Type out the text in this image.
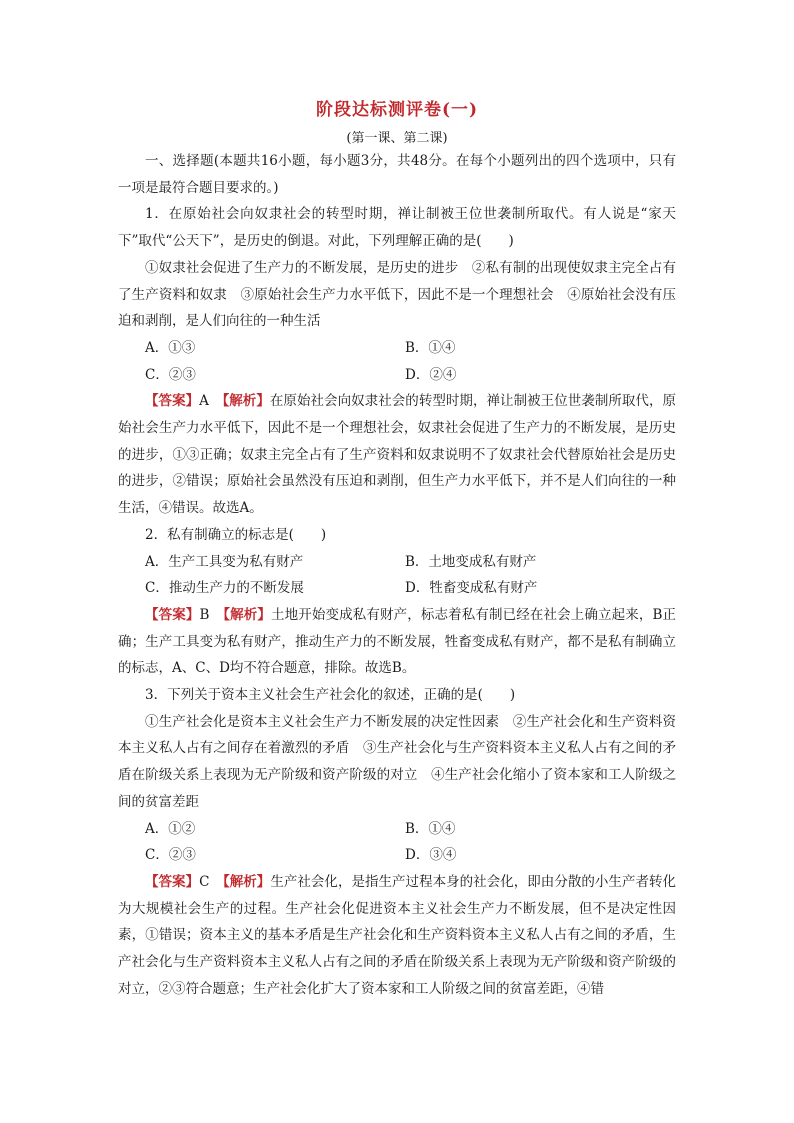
阶段达标测评卷(一)
(第一课、第二课)

一、选择题(本题共16小题，每小题3分，共48分。在每个小题列出的四个选项中，只有一项是最符合题目要求的。)

1．在原始社会向奴隶社会的转型时期，禅让制被王位世袭制所取代。有人说是“家天下”取代“公天下”，是历史的倒退。对此，下列理解正确的是(　　)

①奴隶社会促进了生产力的不断发展，是历史的进步　②私有制的出现使奴隶主完全占有了生产资料和奴隶　③原始社会生产力水平低下，因此不是一个理想社会　④原始社会没有压迫和剥削，是人们向往的一种生活

A．①③	B．①④
C．②③	D．②④

【答案】A　 【解析】在原始社会向奴隶社会的转型时期，禅让制被王位世袭制所取代，原始社会生产力水平低下，因此不是一个理想社会，奴隶社会促进了生产力的不断发展，是历史的进步，①③正确；奴隶主完全占有了生产资料和奴隶说明不了奴隶社会代替原始社会是历史的进步，②错误；原始社会虽然没有压迫和剥削，但生产力水平低下，并不是人们向往的一种生活，④错误。故选A。

2．私有制确立的标志是(　　)

A．生产工具变为私有财产	B．土地变成私有财产
C．推动生产力的不断发展	D．牲畜变成私有财产

【答案】B　 【解析】土地开始变成私有财产，标志着私有制已经在社会上确立起来，B正确；生产工具变为私有财产，推动生产力的不断发展，牲畜变成私有财产，都不是私有制确立的标志，A、C、D均不符合题意，排除。故选B。

3．下列关于资本主义社会生产社会化的叙述，正确的是(　　)

①生产社会化是资本主义社会生产力不断发展的决定性因素　②生产社会化和生产资料资本主义私人占有之间存在着激烈的矛盾　③生产社会化与生产资料资本主义私人占有之间的矛盾在阶级关系上表现为无产阶级和资产阶级的对立　④生产社会化缩小了资本家和工人阶级之间的贫富差距

A．①②	B．①④
C．②③	D．③④

【答案】C　 【解析】生产社会化，是指生产过程本身的社会化，即由分散的小生产者转化为大规模社会生产的过程。生产社会化促进资本主义社会生产力不断发展，但不是决定性因素，①错误；资本主义的基本矛盾是生产社会化和生产资料资本主义私人占有之间的矛盾，生产社会化与生产资料资本主义私人占有之间的矛盾在阶级关系上表现为无产阶级和资产阶级的对立，②③符合题意；生产社会化扩大了资本家和工人阶级之间的贫富差距，④错
